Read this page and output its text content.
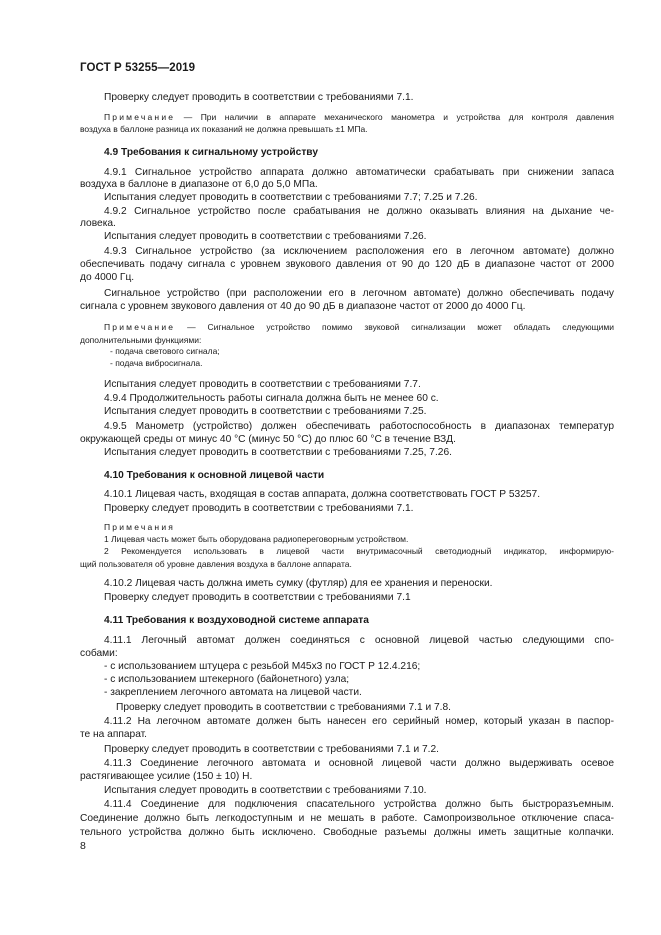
ГОСТ Р 53255—2019
Проверку следует проводить в соответствии с требованиями 7.1.
Примечание — При наличии в аппарате механического манометра и устройства для контроля давления
воздуха в баллоне разница их показаний не должна превышать ±1 МПа.
4.9 Требования к сигнальному устройству
4.9.1 Сигнальное устройство аппарата должно автоматически срабатывать при снижении запаса
воздуха в баллоне в диапазоне от 6,0 до 5,0 МПа.
Испытания следует проводить в соответствии с требованиями 7.7; 7.25 и 7.26.
4.9.2 Сигнальное устройство после срабатывания не должно оказывать влияния на дыхание че-
ловека.
Испытания следует проводить в соответствии с требованиями 7.26.
4.9.3 Сигнальное устройство (за исключением расположения его в легочном автомате) должно
обеспечивать подачу сигнала с уровнем звукового давления от 90 до 120 дБ в диапазоне частот от 2000
до 4000 Гц.
Сигнальное устройство (при расположении его в легочном автомате) должно обеспечивать подачу
сигнала с уровнем звукового давления от 40 до 90 дБ в диапазоне частот от 2000 до 4000 Гц.
Примечание — Сигнальное устройство помимо звуковой сигнализации может обладать следующими
дополнительными функциями:
- подача светового сигнала;
- подача вибросигнала.
Испытания следует проводить в соответствии с требованиями 7.7.
4.9.4 Продолжительность работы сигнала должна быть не менее 60 с.
Испытания следует проводить в соответствии с требованиями 7.25.
4.9.5 Манометр (устройство) должен обеспечивать работоспособность в диапазонах температур
окружающей среды от минус 40 °С (минус 50 °С) до плюс 60 °С в течение ВЗД.
Испытания следует проводить в соответствии с требованиями 7.25, 7.26.
4.10 Требования к основной лицевой части
4.10.1 Лицевая часть, входящая в состав аппарата, должна соответствовать ГОСТ Р 53257.
Проверку следует проводить в соответствии с требованиями 7.1.
Примечания
1 Лицевая часть может быть оборудована радиопереговорным устройством.
2 Рекомендуется использовать в лицевой части внутримасочный светодиодный индикатор, информирую-
щий пользователя об уровне давления воздуха в баллоне аппарата.
4.10.2 Лицевая часть должна иметь сумку (футляр) для ее хранения и переноски.
Проверку следует проводить в соответствии с требованиями 7.1
4.11 Требования к воздуховодной системе аппарата
4.11.1 Легочный автомат должен соединяться с основной лицевой частью следующими спо-
собами:
- с использованием штуцера с резьбой М45х3 по ГОСТ Р 12.4.216;
- с использованием штекерного (байонетного) узла;
- закреплением легочного автомата на лицевой части.
Проверку следует проводить в соответствии с требованиями 7.1 и 7.8.
4.11.2 На легочном автомате должен быть нанесен его серийный номер, который указан в паспор-
те на аппарат.
Проверку следует проводить в соответствии с требованиями 7.1 и 7.2.
4.11.3 Соединение легочного автомата и основной лицевой части должно выдерживать осевое
растягивающее усилие (150 ± 10) Н.
Испытания следует проводить в соответствии с требованиями 7.10.
4.11.4 Соединение для подключения спасательного устройства должно быть быстроразъемным.
Соединение должно быть легкодоступным и не мешать в работе. Самопроизвольное отключение спаса-
тельного устройства должно быть исключено. Свободные разъемы должны иметь защитные колпачки.
8
